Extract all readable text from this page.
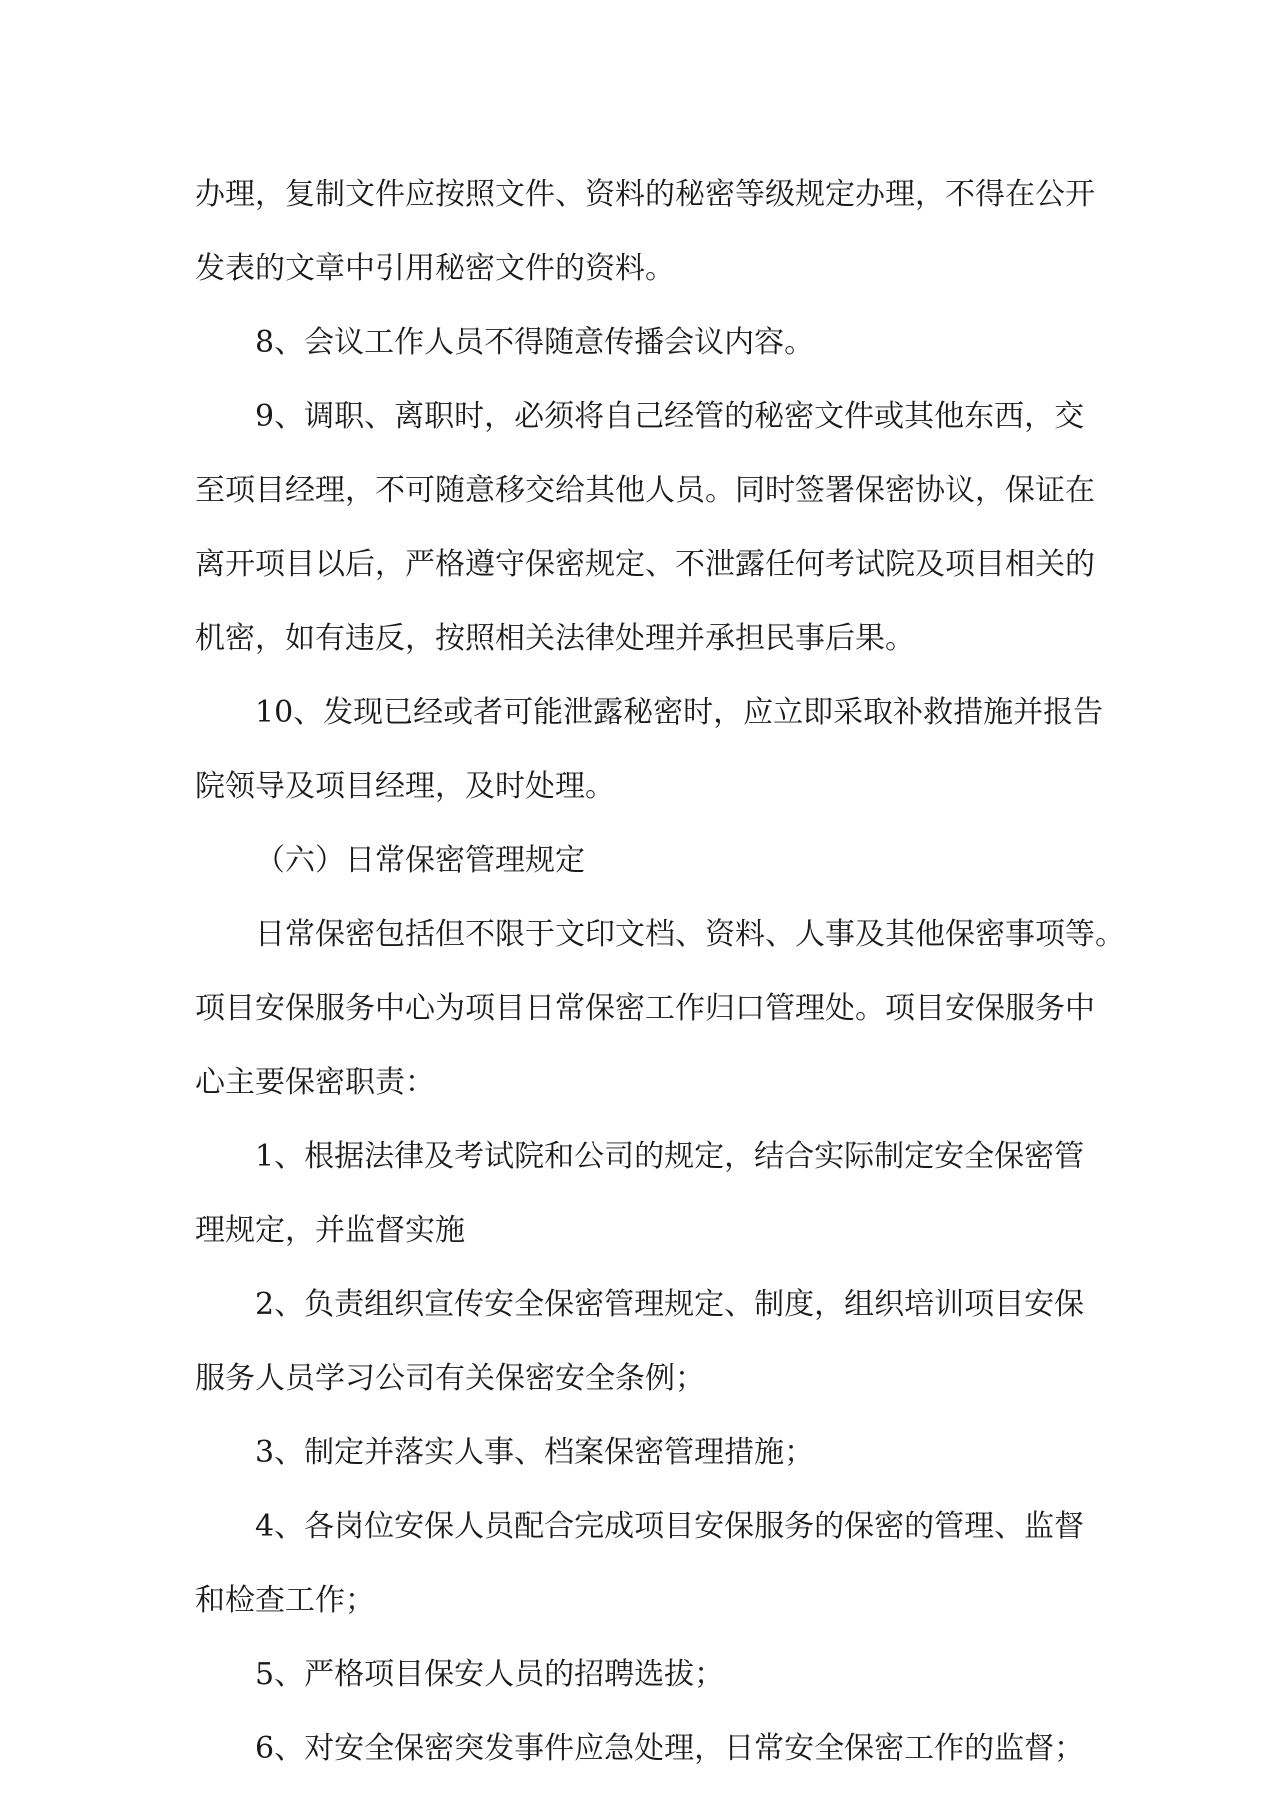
办理，复制文件应按照文件、资料的秘密等级规定办理，不得在公开
发表的文章中引用秘密文件的资料。
8、会议工作人员不得随意传播会议内容。
9、调职、离职时，必须将自己经管的秘密文件或其他东西，交
至项目经理，不可随意移交给其他人员。同时签署保密协议，保证在
离开项目以后，严格遵守保密规定、不泄露任何考试院及项目相关的
机密，如有违反，按照相关法律处理并承担民事后果。
10、发现已经或者可能泄露秘密时，应立即采取补救措施并报告
院领导及项目经理，及时处理。
（六）日常保密管理规定
日常保密包括但不限于文印文档、资料、人事及其他保密事项等。
项目安保服务中心为项目日常保密工作归口管理处。项目安保服务中
心主要保密职责：
1、根据法律及考试院和公司的规定，结合实际制定安全保密管
理规定，并监督实施
2、负责组织宣传安全保密管理规定、制度，组织培训项目安保
服务人员学习公司有关保密安全条例；
3、制定并落实人事、档案保密管理措施；
4、各岗位安保人员配合完成项目安保服务的保密的管理、监督
和检查工作；
5、严格项目保安人员的招聘选拔；
6、对安全保密突发事件应急处理，日常安全保密工作的监督；
